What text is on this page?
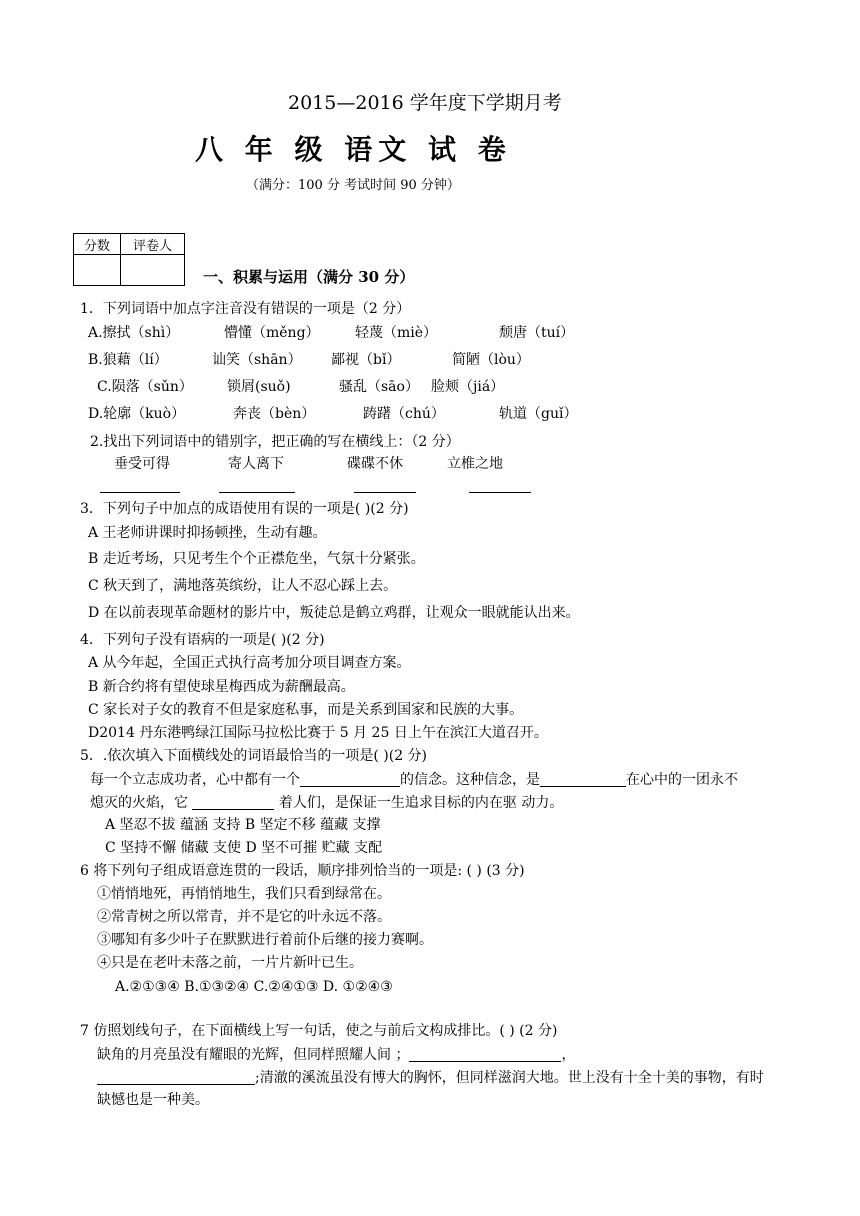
2015—2016 学年度下学期月考
八 年 级 语文 试 卷
（满分：100 分 考试时间 90 分钟）
分数	评卷人

一、积累与运用（满分 30 分）
1．下列词语中加点字注音没有错误的一项是（2 分）
A.擦拭（shì）	懵懂（měng）	轻蔑（miè）	颓唐（tuí）
B.狼藉（lí）	讪笑（shān） 鄙视（bǐ）	简陋（lòu）
C.陨落（sǔn） 锁屑(suǒ)	骚乱（sāo） 脸颊（jiá）
D.轮廓（kuò）	奔丧（bèn）	踌躇（chú）	轨道（guǐ）
2.找出下列词语中的错别字，把正确的写在横线上：（2 分）
垂受可得	寄人离下	碟碟不休	立椎之地
3．下列句子中加点的成语使用有误的一项是( )(2 分)
A 王老师讲课时抑扬顿挫，生动有趣。
B 走近考场，只见考生个个正襟危坐，气氛十分紧张。
C 秋天到了，满地落英缤纷，让人不忍心踩上去。
D 在以前表现革命题材的影片中，叛徒总是鹤立鸡群，让观众一眼就能认出来。
4．下列句子没有语病的一项是( )(2 分)
A 从今年起，全国正式执行高考加分项目调查方案。
B 新合约将有望使球星梅西成为薪酬最高。
C 家长对子女的教育不但是家庭私事，而是关系到国家和民族的大事。
D2014 丹东港鸭绿江国际马拉松比赛于 5 月 25 日上午在滨江大道召开。
5．.依次填入下面横线处的词语最恰当的一项是( )(2 分)
每一个立志成功者，心中都有一个	的信念。这种信念，是	在心中的一团永不
熄灭的火焰，它	着人们，是保证一生追求目标的内在驱 动力。
A 坚忍不拔 蕴涵 支持 B 坚定不移 蕴藏 支撑
C 坚持不懈 储藏 支使 D 坚不可摧 贮藏 支配
6 将下列句子组成语意连贯的一段话，顺序排列恰当的一项是: ( ) (3 分)
①悄悄地死，再悄悄地生，我们只看到绿常在。
②常青树之所以常青，并不是它的叶永远不落。
③哪知有多少叶子在默默进行着前仆后继的接力赛啊。
④只是在老叶未落之前，一片片新叶已生。
A.②①③④ B.①③②④ C.②④①③ D. ①②④③
7 仿照划线句子，在下面横线上写一句话，使之与前后文构成排比。( ) (2 分)
缺角的月亮虽没有耀眼的光辉，但同样照耀人间 ；	，
;清澈的溪流虽没有博大的胸怀，但同样滋润大地。世上没有十全十美的事物，有时
缺憾也是一种美。
